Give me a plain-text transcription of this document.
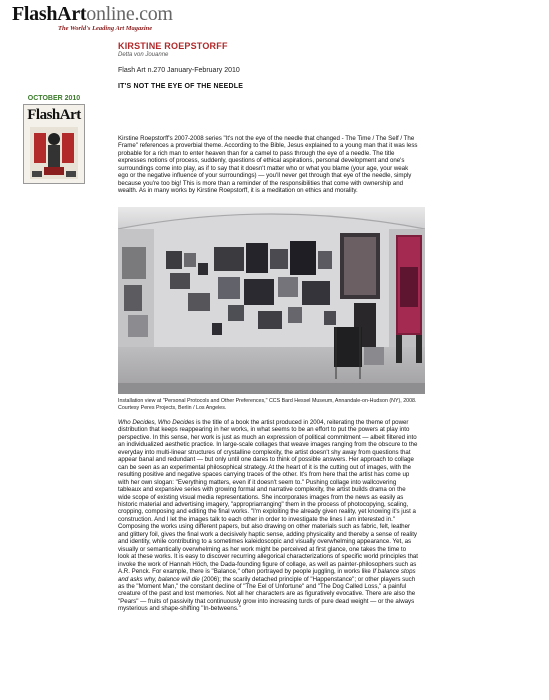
FlashArtonline.com
The World's Leading Art Magazine
KIRSTINE ROEPSTORFF
Detta von Jouanne
Flash Art n.270 January-February 2010
IT'S NOT THE EYE OF THE NEEDLE
OCTOBER 2010
FlashArt
Kirstine Roepstorff's 2007-2008 series "It's not the eye of the needle that changed - The Time / The Self / The Frame" references a proverbial theme. According to the Bible, Jesus explained to a young man that it was less probable for a rich man to enter heaven than for a camel to pass through the eye of a needle. The title expresses notions of process, suddenly, questions of ethical aspirations, personal development and one's surroundings come into play, as if to say that it doesn't matter who or what you blame (your age, your weak ego or the negative influence of your surroundings) — you'll never get through that eye of the needle, simply because you're too big! This is more than a reminder of the responsibilities that come with ownership and wealth. As in many works by Kirstine Roepstorff, it is a meditation on ethics and morality.
Installation view at "Personal Protocols and Other Preferences," CCS Bard Hessel Museum, Annandale-on-Hudson (NY), 2008. Courtesy Peres Projects, Berlin / Los Angeles.
Who Decides, Who Decides is the title of a book the artist produced in 2004, reiterating the theme of power distribution that keeps reappearing in her works, in what seems to be an effort to put the powers at play into perspective. In this sense, her work is just as much an expression of political commitment — albeit filtered into an individualized aesthetic practice. In large-scale collages that weave images ranging from the obscure to the everyday into multi-linear structures of crystalline complexity, the artist doesn't shy away from questions that appear banal and redundant — but only until one dares to think of possible answers. Her approach to collage can be seen as an experimental philosophical strategy. At the heart of it is the cutting out of images, with the resulting positive and negative spaces carrying traces of the other. It's from here that the artist has come up with her own slogan: "Everything matters, even if it doesn't seem to." Pushing collage into wallcovering tableaux and expansive series with growing formal and narrative complexity, the artist builds drama on the wide scope of existing visual media representations. She incorporates images from the news as easily as historic material and advertising imagery, "appropriarranging" them in the process of photocopying, scaling, cropping, composing and editing the final works. "I'm exploiting the already given reality, yet knowing it's just a construction. And I let the images talk to each other in order to investigate the lines I am interested in." Composing the works using different papers, but also drawing on other materials such as fabric, felt, leather and glittery foil, gives the final work a decisively haptic sense, adding physicality and thereby a sense of reality and identity, while contributing to a sometimes kaleidoscopic and visually overwhelming appearance. Yet, as visually or semantically overwhelming as her work might be perceived at first glance, one takes the time to look at these works. It is easy to discover recurring allegorical characterizations of specific world principles that invoke the work of Hannah Höch, the Dada-founding figure of collage, as well as painter-philosophers such as A.R. Penck. For example, there is "Balance," often portrayed by people juggling, in works like If balance stops and asks why, balance will die (2006); the scarily detached principle of "Happenstance"; or other players such as the "Moment Man," the constant decline of "The Eel of Unfortune" and "The Dog Called Loss," a painful creature of the past and lost memories. Not all her characters are as figuratively evocative. There are also the "Pears" — fruits of passivity that continuously grow into increasing turds of pure dead weight — or the always mysterious and shape-shifting "In-betweens."
